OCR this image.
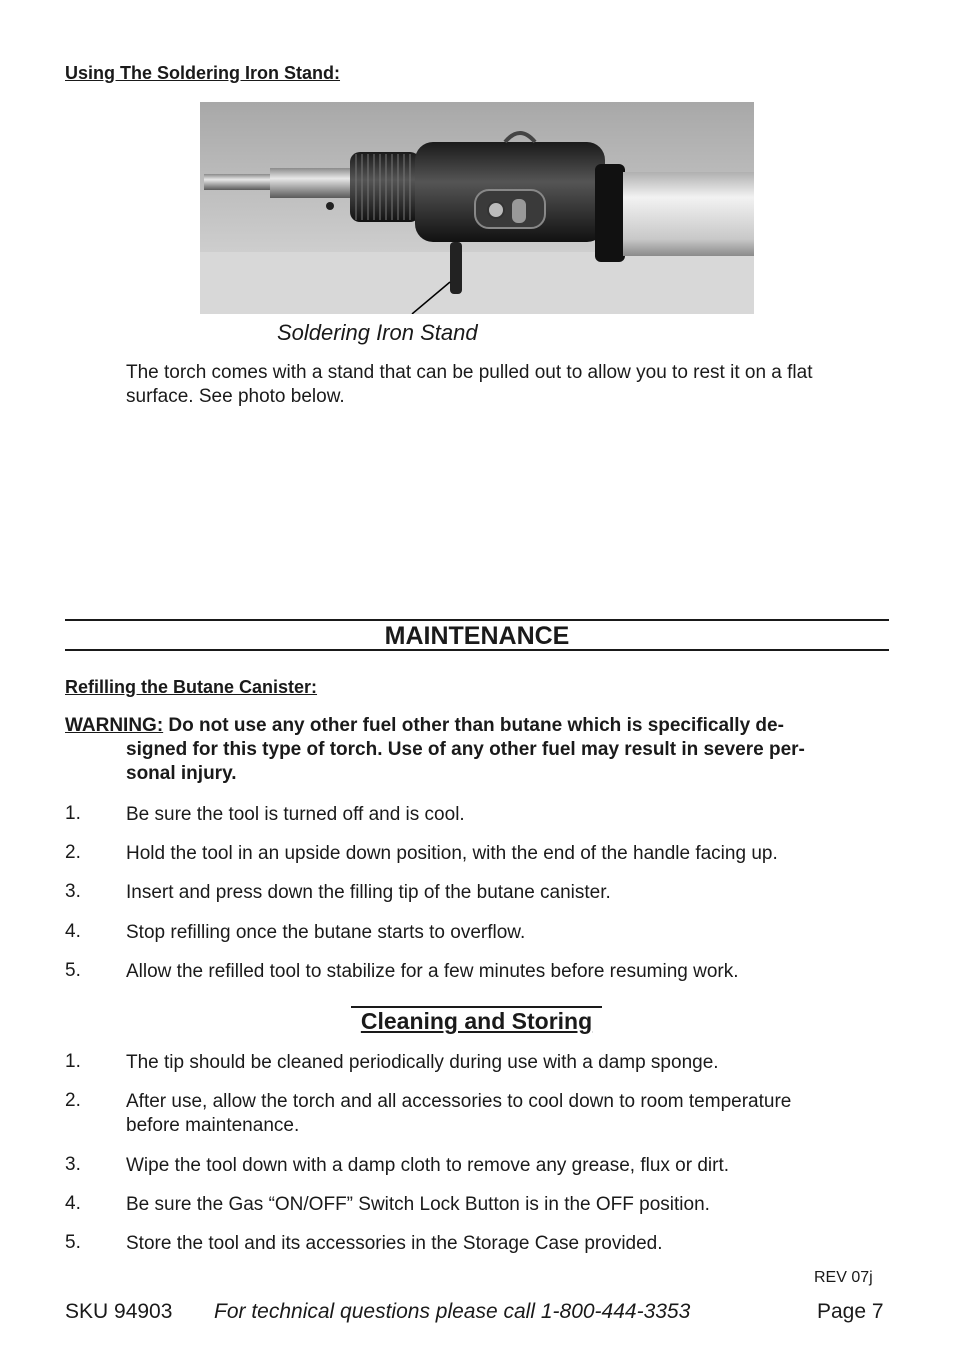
Using The Soldering Iron Stand:
Soldering Iron Stand
The torch comes with a stand that can be pulled out to allow you to rest it on a flat
surface. See photo below.
MAINTENANCE
Refilling the Butane Canister:
WARNING: Do not use any other fuel other than butane which is specifically de-
signed for this type of torch. Use of any other fuel may result in severe per-
sonal injury.
1. Be sure the tool is turned off and is cool.
2. Hold the tool in an upside down position, with the end of the handle facing up.
3. Insert and press down the filling tip of the butane canister.
4. Stop refilling once the butane starts to overflow.
5. Allow the refilled tool to stabilize for a few minutes before resuming work.
Cleaning and Storing
1. The tip should be cleaned periodically during use with a damp sponge.
2. After use, allow the torch and all accessories to cool down to room temperature
before maintenance.
3. Wipe the tool down with a damp cloth to remove any grease, flux or dirt.
4. Be sure the Gas “ON/OFF” Switch Lock Button is in the OFF position.
5. Store the tool and its accessories in the Storage Case provided.
REV 07j
SKU 94903 For technical questions please call 1-800-444-3353	Page 7
